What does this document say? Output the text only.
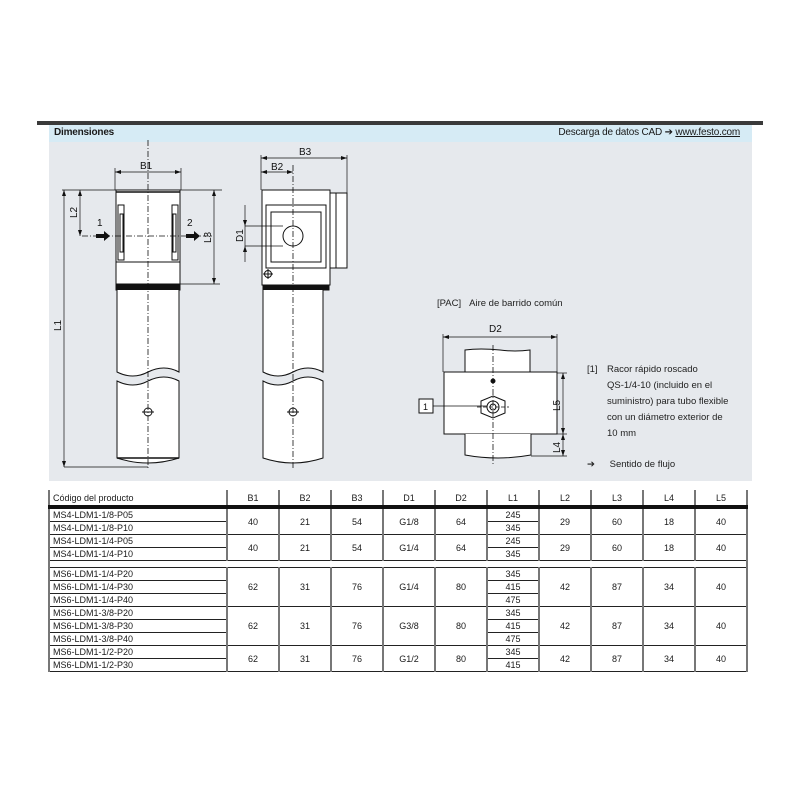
Dimensiones	Descarga de datos CAD ➔ www.festo.com
B1
B3
B2
D2
1	2
1
L2
L3
L1
D1
L5
L4
[PAC] Aire de barrido común
[1] Racor rápido roscado
QS-1/4-10 (incluido en el
suministro) para tubo flexible
con un diámetro exterior de
10 mm
➔ Sentido de flujo
Código del producto	B1	B2	B3	D1	D2	L1	L2	L3	L4	L5
MS4-LDM1-1/8-P05	40	21	54	G1/8	64	245	29	60	18	40
MS4-LDM1-1/8-P10						345				
MS4-LDM1-1/4-P05	40	21	54	G1/4	64	245	29	60	18	40
MS4-LDM1-1/4-P10						345				

MS6-LDM1-1/4-P20	62	31	76	G1/4	80	345	42	87	34	40
MS6-LDM1-1/4-P30						415				
MS6-LDM1-1/4-P40						475				
MS6-LDM1-3/8-P20	62	31	76	G3/8	80	345	42	87	34	40
MS6-LDM1-3/8-P30						415				
MS6-LDM1-3/8-P40						475				
MS6-LDM1-1/2-P20	62	31	76	G1/2	80	345	42	87	34	40
MS6-LDM1-1/2-P30						415				
